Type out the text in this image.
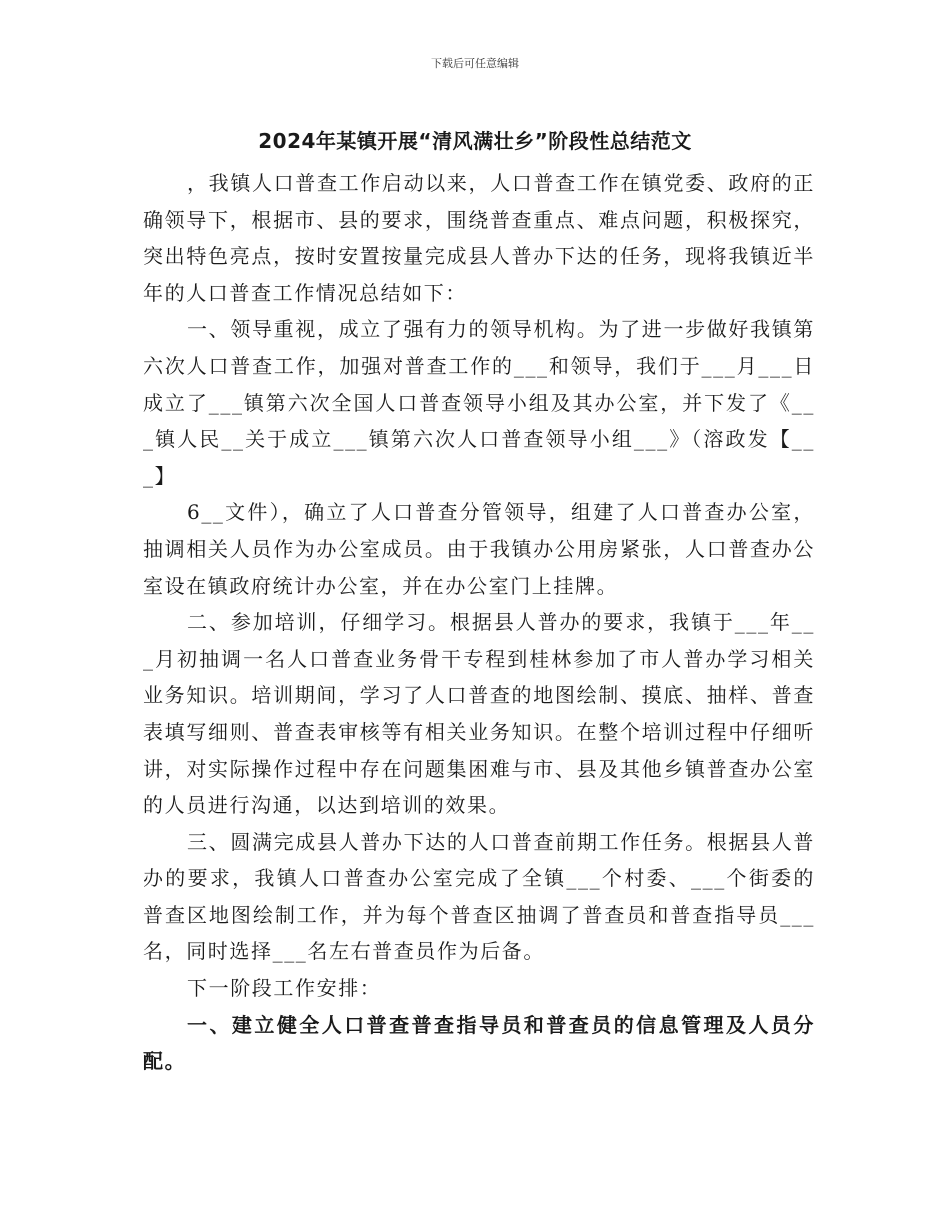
下载后可任意编辑
2024年某镇开展“清风满壮乡”阶段性总结范文

，我镇人口普查工作启动以来，人口普查工作在镇党委、政府的正确领导下，根据市、县的要求，围绕普查重点、难点问题，积极探究，突出特色亮点，按时安置按量完成县人普办下达的任务，现将我镇近半年的人口普查工作情况总结如下：

一、领导重视，成立了强有力的领导机构。为了进一步做好我镇第六次人口普查工作，加强对普查工作的___和领导，我们于___月___日成立了___镇第六次全国人口普查领导小组及其办公室，并下发了《___镇人民__关于成立___镇第六次人口普查领导小组___》（溶政发【___】

6__文件），确立了人口普查分管领导，组建了人口普查办公室，抽调相关人员作为办公室成员。由于我镇办公用房紧张，人口普查办公室设在镇政府统计办公室，并在办公室门上挂牌。

二、参加培训，仔细学习。根据县人普办的要求，我镇于___年___月初抽调一名人口普查业务骨干专程到桂林参加了市人普办学习相关业务知识。培训期间，学习了人口普查的地图绘制、摸底、抽样、普查表填写细则、普查表审核等有相关业务知识。在整个培训过程中仔细听讲，对实际操作过程中存在问题集困难与市、县及其他乡镇普查办公室的人员进行沟通，以达到培训的效果。

三、圆满完成县人普办下达的人口普查前期工作任务。根据县人普办的要求，我镇人口普查办公室完成了全镇___个村委、___个街委的普查区地图绘制工作，并为每个普查区抽调了普查员和普查指导员___名，同时选择___名左右普查员作为后备。

下一阶段工作安排：

一、建立健全人口普查普查指导员和普查员的信息管理及人员分配。
